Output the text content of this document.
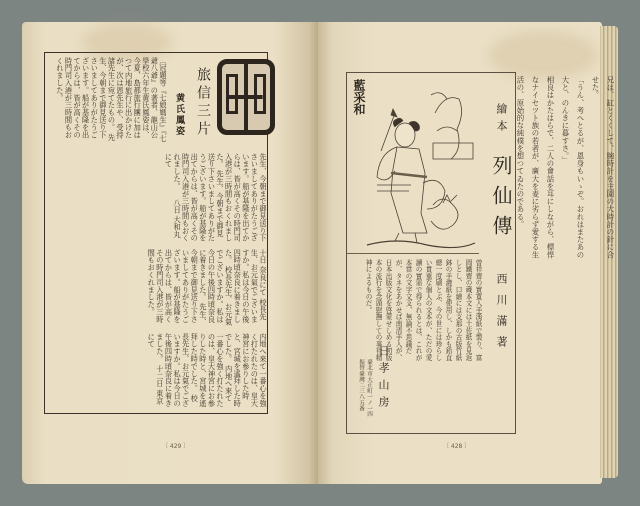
旅信三片
黄氏鳳姿
〔冠題等『七娘媽生』『七爺八爺』の著者、龍山公學校六年生黄氏鳳姿は、今夏、島都旅行團に加はつて内地旅行に出かけたが、次は恩先生や、受持諸先生に宛てたもの。 先生、今朝まで御見送り下さいましてありがたうございます。船が基隆を出てからは、皆が高くその時門司入港が三時間もおくれました。
先生、今朝まで御見送り下さいましてありがたうございます。船が基隆を出てからは、皆が高くその時門司入港が三時間もおくれました。 先生、今朝まで御見送り下さいましてありがたうございます。船が基隆を出てからは、皆が高くその時門司入港が三時間もおくれました。 八日 大和丸にて
十日 奈良にて 校長先生、お元氣でございますか。私は今日の午後四時頃奈良に着きました。 校長先生、お元氣でございますか。私は今日の午後四時頃奈良に着きました。 先生、今朝まで御見送り下さいましてありがたうございます。船が基隆を出てからは、皆が高くその時門司入港が三時間もおくれました。
内地へ來て一番心を強く打たれたのは、皇大神宮にお參りした時と、宮城を遙拜した時でした。 内地へ來て一番心を強く打たれたのは、皇大神宮にお參りした時と、宮城を遙拜した時でした。 校長先生、お元氣でございますか。私は今日の午後四時頃奈良に着きました。 十二日 東京にて
〔 429 〕
兄は、缸とくくして、腕時計を主園の大時計の針に合せた。
「うん、考へとるが、恩身もいゝぞ。おれはまたあの大と、のんきに暮すさ。」
相良はかたはらで、二人の會話を耳にしながら、標悍なナイセツト族の若者が、廣大を麦に劣らず愛する生活の、原始的な純樸を想つてゐたのである。
藍采和
繪本
列仙傳
西川滿著
曾祥齋の實寬入手漢紙で製り、富岡鐵齋の蔵本文には土佐紙を見返しとし、口繪には支那の古版竹紙鉢の手漉紙を使用し、しかも鉛直總一度刷とぶ、今の世には珍らしい貴重な個人の文本が、ただの愛讀の實需で得られるとは、これが本當の文字文支、無論不思議だが、タネをあかせば南清手入が、日本出版文化を啓蒙せしめる初版本の流行を念頭慰撫しての事社精神によるものだ。
日孝山房
臺北市大正町一ノ一四 振替臺灣二三八五番
〔 428 〕
